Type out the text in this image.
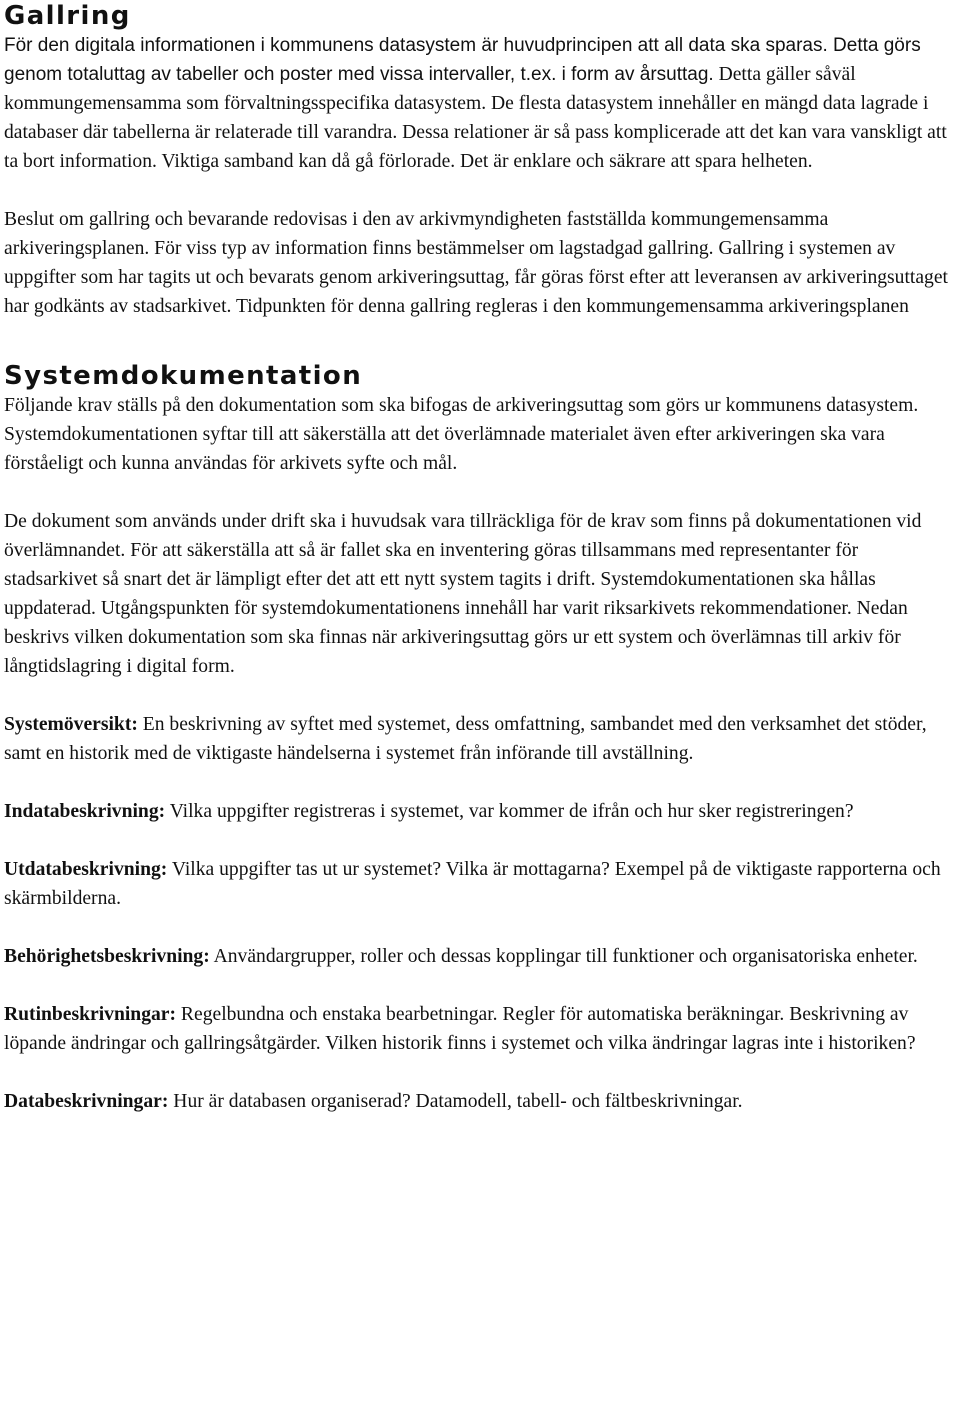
Gallring

För den digitala informationen i kommunens datasystem är huvudprincipen att all data ska sparas. Detta görs genom totaluttag av tabeller och poster med vissa intervaller, t.ex. i form av årsuttag. Detta gäller såväl kommungemensamma som förvaltningsspecifika datasystem. De flesta datasystem innehåller en mängd data lagrade i databaser där tabellerna är relaterade till varandra. Dessa relationer är så pass komplicerade att det kan vara vanskligt att ta bort information. Viktiga samband kan då gå förlorade. Det är enklare och säkrare att spara helheten.

Beslut om gallring och bevarande redovisas i den av arkivmyndigheten fastställda kommungemensamma arkiveringsplanen. För viss typ av information finns bestämmelser om lagstadgad gallring. Gallring i systemen av uppgifter som har tagits ut och bevarats genom arkiveringsuttag, får göras först efter att leveransen av arkiveringsuttaget har godkänts av stadsarkivet. Tidpunkten för denna gallring regleras i den kommungemensamma arkiveringsplanen

Systemdokumentation

Följande krav ställs på den dokumentation som ska bifogas de arkiveringsuttag som görs ur kommunens datasystem. Systemdokumentationen syftar till att säkerställa att det överlämnade materialet även efter arkiveringen ska vara förståeligt och kunna användas för arkivets syfte och mål.

De dokument som används under drift ska i huvudsak vara tillräckliga för de krav som finns på dokumentationen vid överlämnandet. För att säkerställa att så är fallet ska en inventering göras tillsammans med representanter för stadsarkivet så snart det är lämpligt efter det att ett nytt system tagits i drift. Systemdokumentationen ska hållas uppdaterad. Utgångspunkten för systemdokumentationens innehåll har varit riksarkivets rekommendationer. Nedan beskrivs vilken dokumentation som ska finnas när arkiveringsuttag görs ur ett system och överlämnas till arkiv för långtidslagring i digital form.

Systemöversikt: En beskrivning av syftet med systemet, dess omfattning, sambandet med den verksamhet det stöder, samt en historik med de viktigaste händelserna i systemet från införande till avställning.

Indatabeskrivning: Vilka uppgifter registreras i systemet, var kommer de ifrån och hur sker registreringen?

Utdatabeskrivning: Vilka uppgifter tas ut ur systemet? Vilka är mottagarna? Exempel på de viktigaste rapporterna och skärmbilderna.

Behörighetsbeskrivning: Användargrupper, roller och dessas kopplingar till funktioner och organisatoriska enheter.

Rutinbeskrivningar: Regelbundna och enstaka bearbetningar. Regler för automatiska beräkningar. Beskrivning av löpande ändringar och gallringsåtgärder. Vilken historik finns i systemet och vilka ändringar lagras inte i historiken?

Databeskrivningar: Hur är databasen organiserad? Datamodell, tabell- och fältbeskrivningar.
